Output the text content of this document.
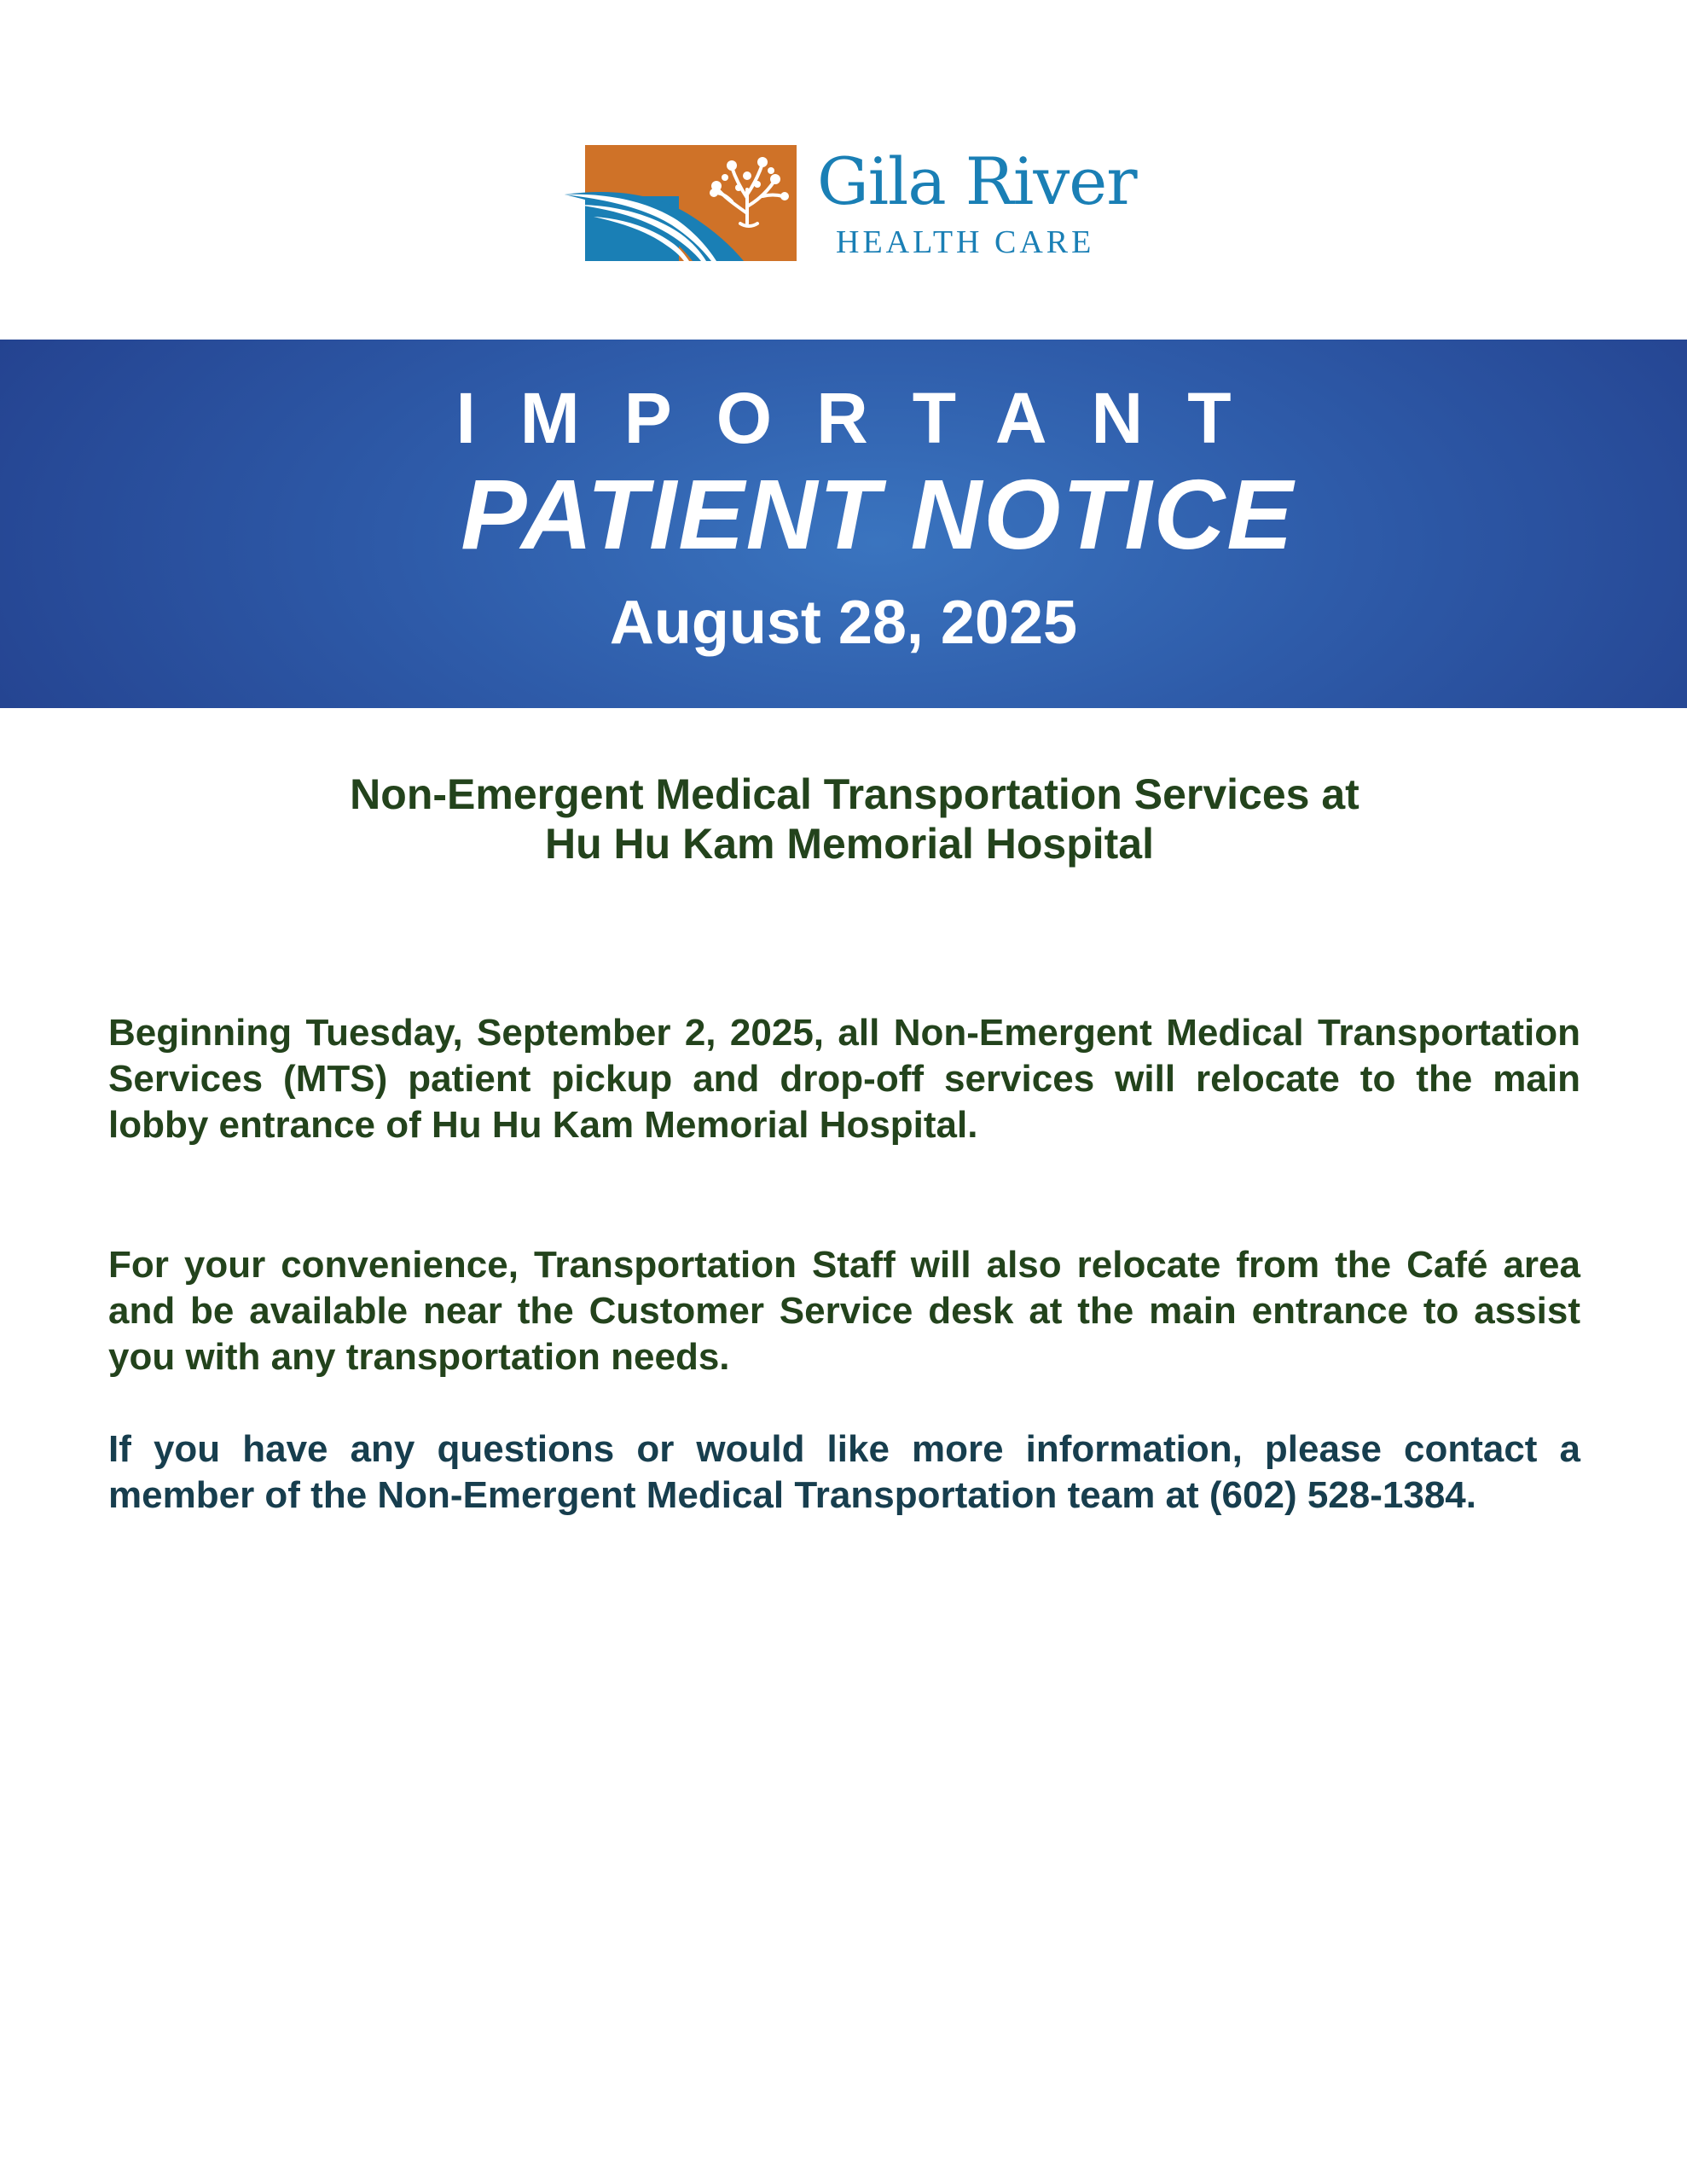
Gila River
HEALTH CARE
IMPORTANT
PATIENT NOTICE
August 28, 2025
Non-Emergent Medical Transportation Services at
Hu Hu Kam Memorial Hospital

Beginning Tuesday, September 2, 2025, all Non-Emergent Medical Transportation Services (MTS) patient pickup and drop-off services will relocate to the main lobby entrance of Hu Hu Kam Memorial Hospital.

For your convenience, Transportation Staff will also relocate from the Café area and be available near the Customer Service desk at the main entrance to assist you with any transportation needs.

If you have any questions or would like more information, please contact a member of the Non-Emergent Medical Transportation team at (602) 528-1384.
